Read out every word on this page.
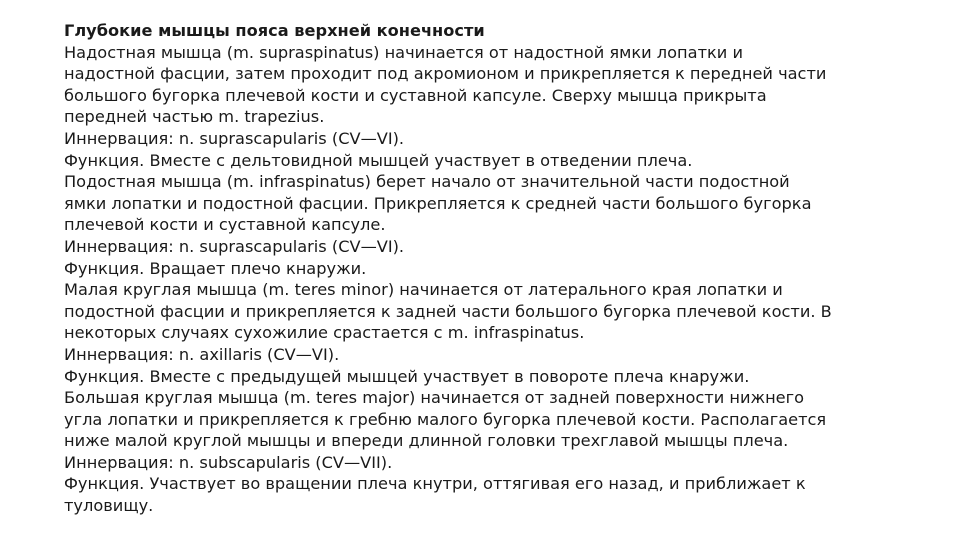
Глубокие мышцы пояса верхней конечности
Надостная мышца (m. supraspinatus) начинается от надостной ямки лопатки и
надостной фасции, затем проходит под акромионом и прикрепляется к передней части
большого бугорка плечевой кости и суставной капсуле. Сверху мышца прикрыта
передней частью m. trapezius.
Иннервация: n. suprascapularis (CV—VI).
Функция. Вместе с дельтовидной мышцей участвует в отведении плеча.
Подостная мышца (m. infraspinatus) берет начало от значительной части подостной
ямки лопатки и подостной фасции. Прикрепляется к средней части большого бугорка
плечевой кости и суставной капсуле.
Иннервация: n. suprascapularis (CV—VI).
Функция. Вращает плечо кнаружи.
Малая круглая мышца (m. teres minor) начинается от латерального края лопатки и
подостной фасции и прикрепляется к задней части большого бугорка плечевой кости. В
некоторых случаях сухожилие срастается с m. infraspinatus.
Иннервация: n. axillaris (CV—VI).
Функция. Вместе с предыдущей мышцей участвует в повороте плеча кнаружи.
Большая круглая мышца (m. teres major) начинается от задней поверхности нижнего
угла лопатки и прикрепляется к гребню малого бугорка плечевой кости. Располагается
ниже малой круглой мышцы и впереди длинной головки трехглавой мышцы плеча.
Иннервация: n. subscapularis (CV—VII).
Функция. Участвует во вращении плеча кнутри, оттягивая его назад, и приближает к
туловищу.
